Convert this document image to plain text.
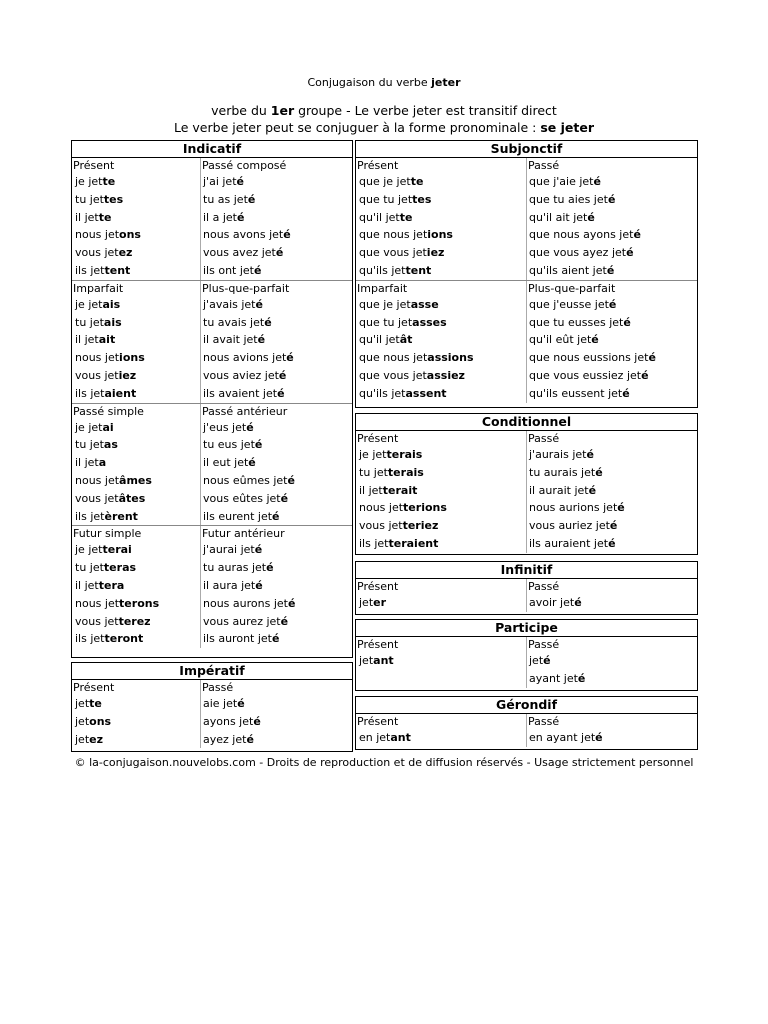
Conjugaison du verbe jeter
verbe du 1er groupe - Le verbe jeter est transitif direct
Le verbe jeter peut se conjuguer à la forme pronominale : se jeter
Indicatif
Présent	Passé composé
je jette	j'ai jeté
tu jettes	tu as jeté
il jette	il a jeté
nous jetons	nous avons jeté
vous jetez	vous avez jeté
ils jettent	ils ont jeté
Imparfait	Plus-que-parfait
je jetais	j'avais jeté
tu jetais	tu avais jeté
il jetait	il avait jeté
nous jetions	nous avions jeté
vous jetiez	vous aviez jeté
ils jetaient	ils avaient jeté
Passé simple	Passé antérieur
je jetai	j'eus jeté
tu jetas	tu eus jeté
il jeta	il eut jeté
nous jetâmes	nous eûmes jeté
vous jetâtes	vous eûtes jeté
ils jetèrent	ils eurent jeté
Futur simple	Futur antérieur
je jetterai	j'aurai jeté
tu jetteras	tu auras jeté
il jettera	il aura jeté
nous jetterons	nous aurons jeté
vous jetterez	vous aurez jeté
ils jetteront	ils auront jeté
Impératif
Présent	Passé
jette	aie jeté
jetons	ayons jeté
jetez	ayez jeté
Subjonctif
Présent	Passé
que je jette	que j'aie jeté
que tu jettes	que tu aies jeté
qu'il jette	qu'il ait jeté
que nous jetions	que nous ayons jeté
que vous jetiez	que vous ayez jeté
qu'ils jettent	qu'ils aient jeté
Imparfait	Plus-que-parfait
que je jetasse	que j'eusse jeté
que tu jetasses	que tu eusses jeté
qu'il jetât	qu'il eût jeté
que nous jetassions	que nous eussions jeté
que vous jetassiez	que vous eussiez jeté
qu'ils jetassent	qu'ils eussent jeté
Conditionnel
Présent	Passé
je jetterais	j'aurais jeté
tu jetterais	tu aurais jeté
il jetterait	il aurait jeté
nous jetterions	nous aurions jeté
vous jetteriez	vous auriez jeté
ils jetteraient	ils auraient jeté
Infinitif
Présent	Passé
jeter	avoir jeté
Participe
Présent	Passé
jetant	jeté
ayant jeté
Gérondif
Présent	Passé
en jetant	en ayant jeté
© la-conjugaison.nouvelobs.com - Droits de reproduction et de diffusion réservés - Usage strictement personnel
